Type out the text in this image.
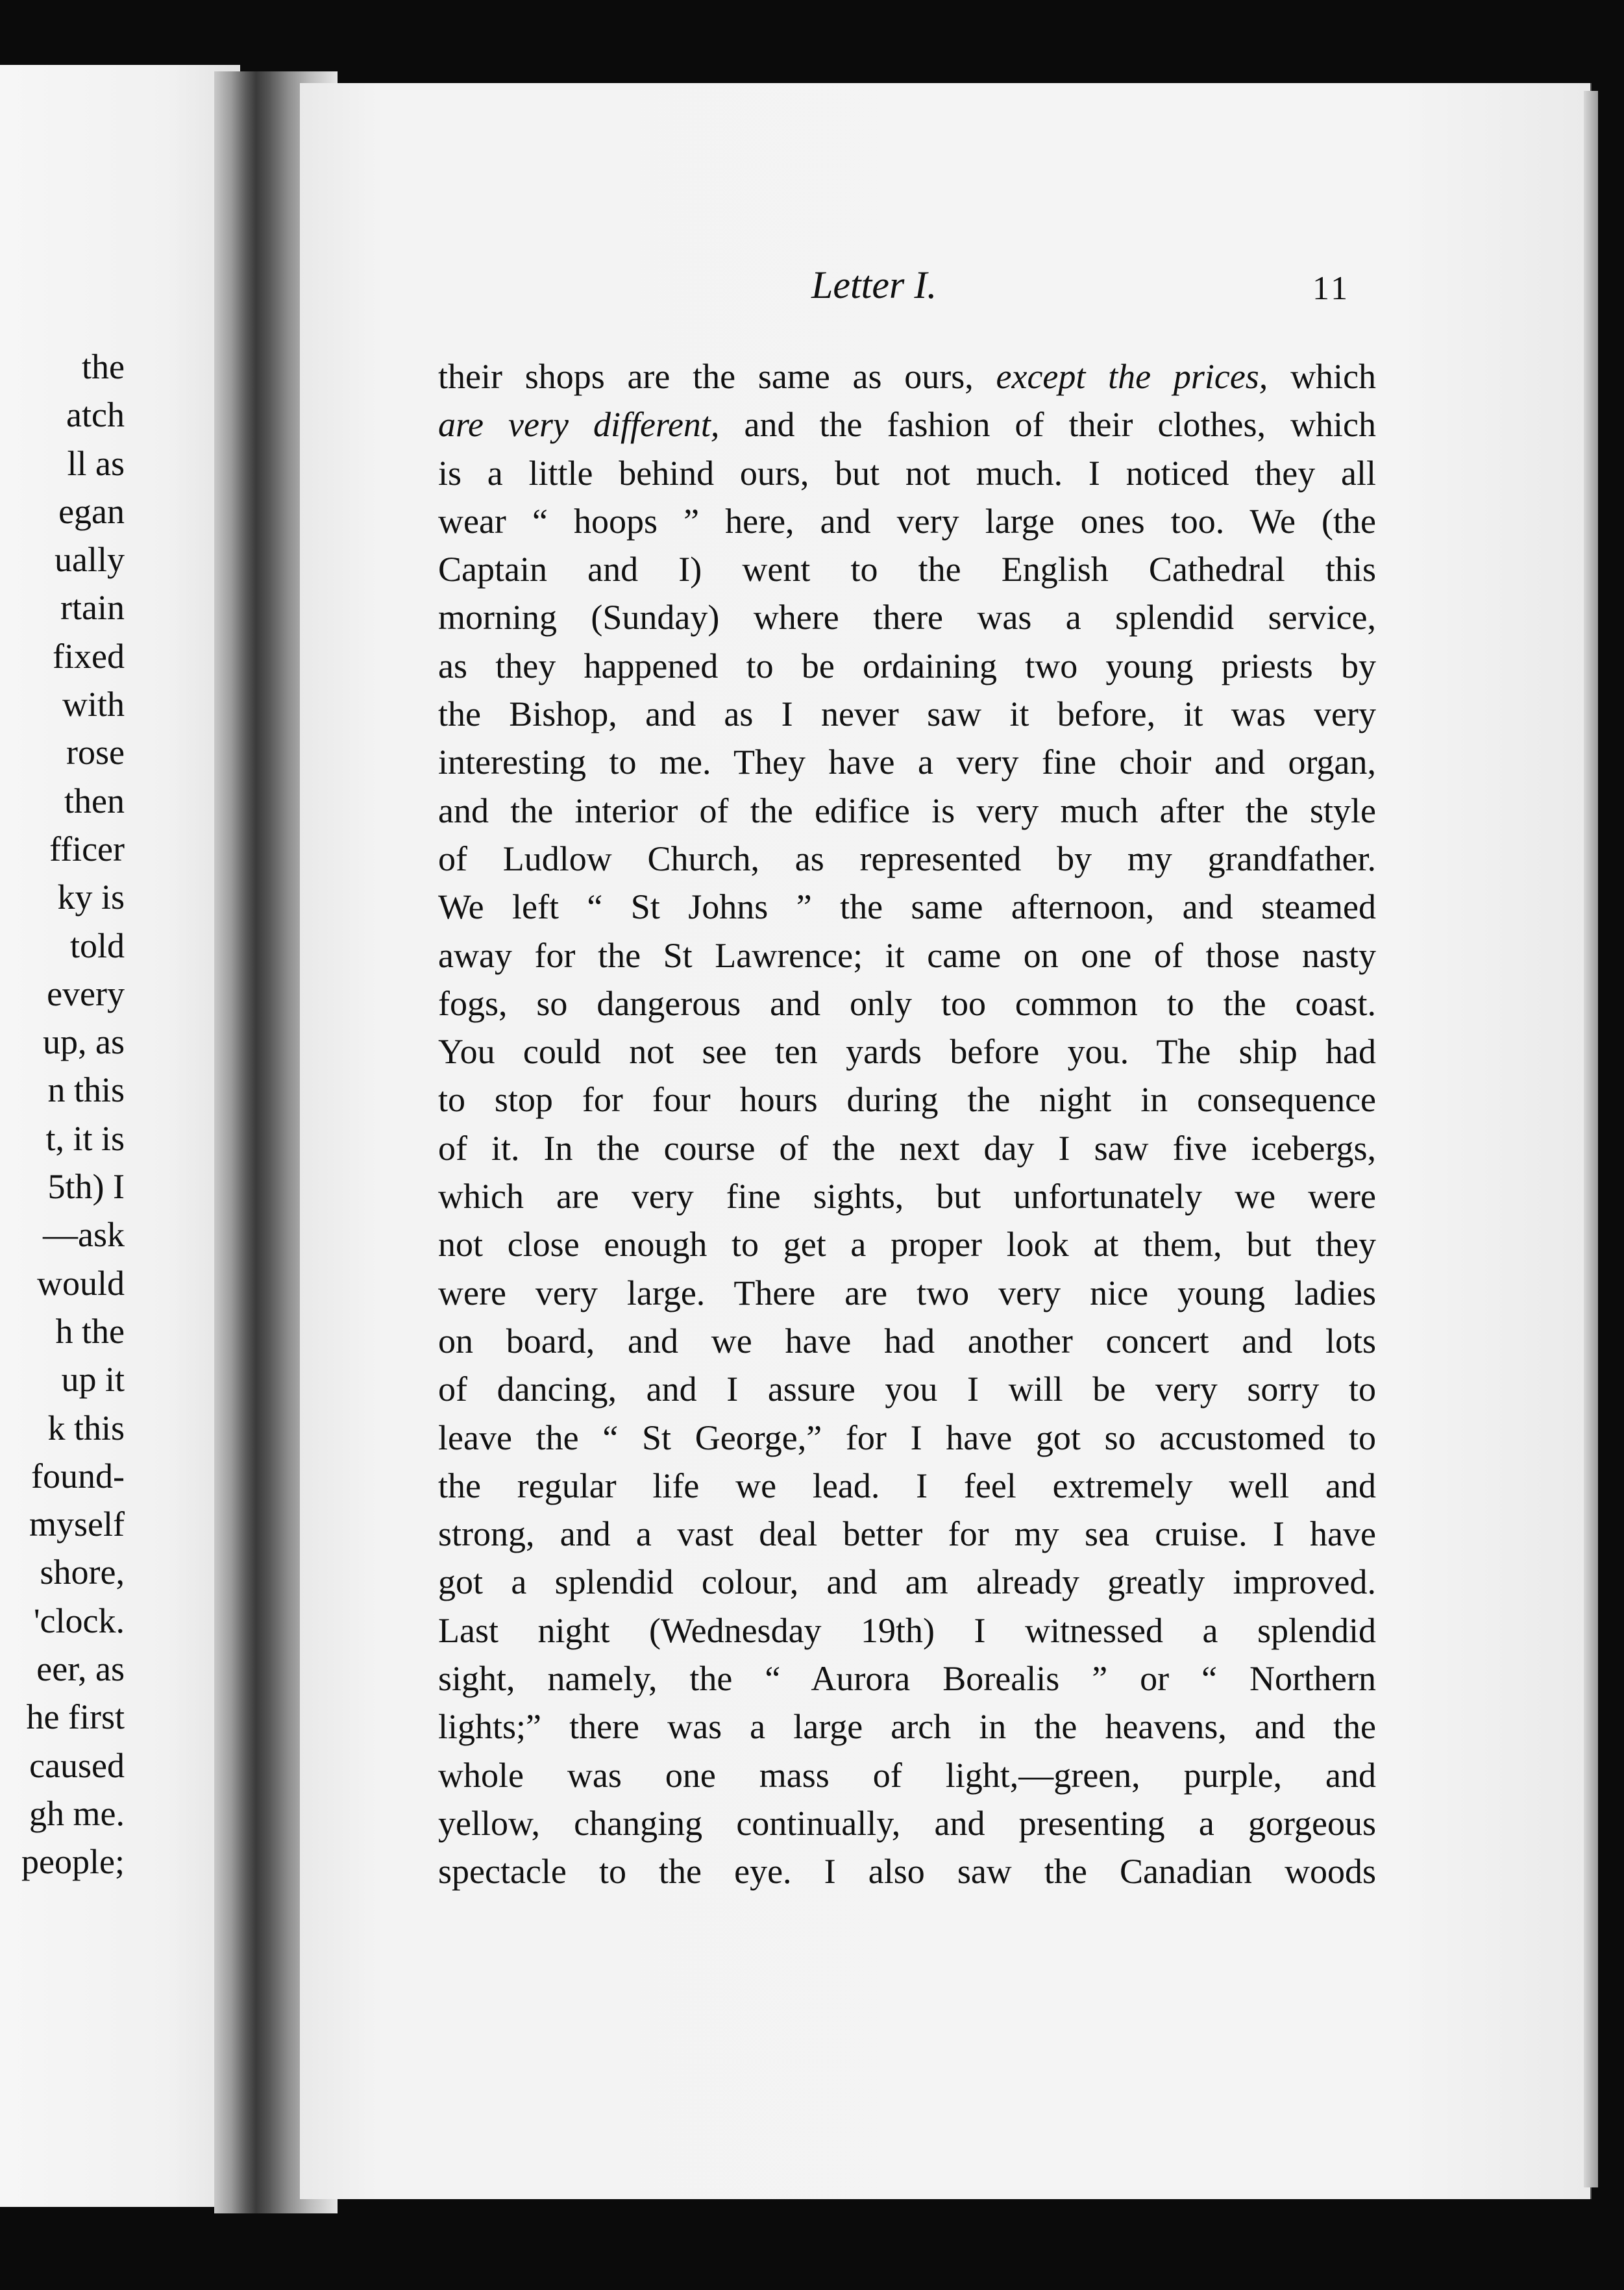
the
atch
ll as
egan
ually
rtain
fixed
with
rose
then
fficer
ky is
told
every
up, as
n this
t, it is
5th) I
—ask
would
h the
up it
k this
found-
myself
shore,
'clock.
eer, as
he first
caused
gh me.
people;
Letter I.	11
their shops are the same as ours, except the prices, which
are very different, and the fashion of their clothes, which
is a little behind ours, but not much. I noticed they all
wear “ hoops ” here, and very large ones too. We (the
Captain and I) went to the English Cathedral this
morning (Sunday) where there was a splendid service,
as they happened to be ordaining two young priests by
the Bishop, and as I never saw it before, it was very
interesting to me. They have a very fine choir and organ,
and the interior of the edifice is very much after the style
of Ludlow Church, as represented by my grandfather.
We left “ St Johns ” the same afternoon, and steamed
away for the St Lawrence; it came on one of those nasty
fogs, so dangerous and only too common to the coast.
You could not see ten yards before you. The ship had
to stop for four hours during the night in consequence
of it. In the course of the next day I saw five icebergs,
which are very fine sights, but unfortunately we were
not close enough to get a proper look at them, but they
were very large. There are two very nice young ladies
on board, and we have had another concert and lots
of dancing, and I assure you I will be very sorry to
leave the “ St George,” for I have got so accustomed to
the regular life we lead. I feel extremely well and
strong, and a vast deal better for my sea cruise. I have
got a splendid colour, and am already greatly improved.
Last night (Wednesday 19th) I witnessed a splendid
sight, namely, the “ Aurora Borealis ” or “ Northern
lights;” there was a large arch in the heavens, and the
whole was one mass of light,—green, purple, and
yellow, changing continually, and presenting a gorgeous
spectacle to the eye. I also saw the Canadian woods
